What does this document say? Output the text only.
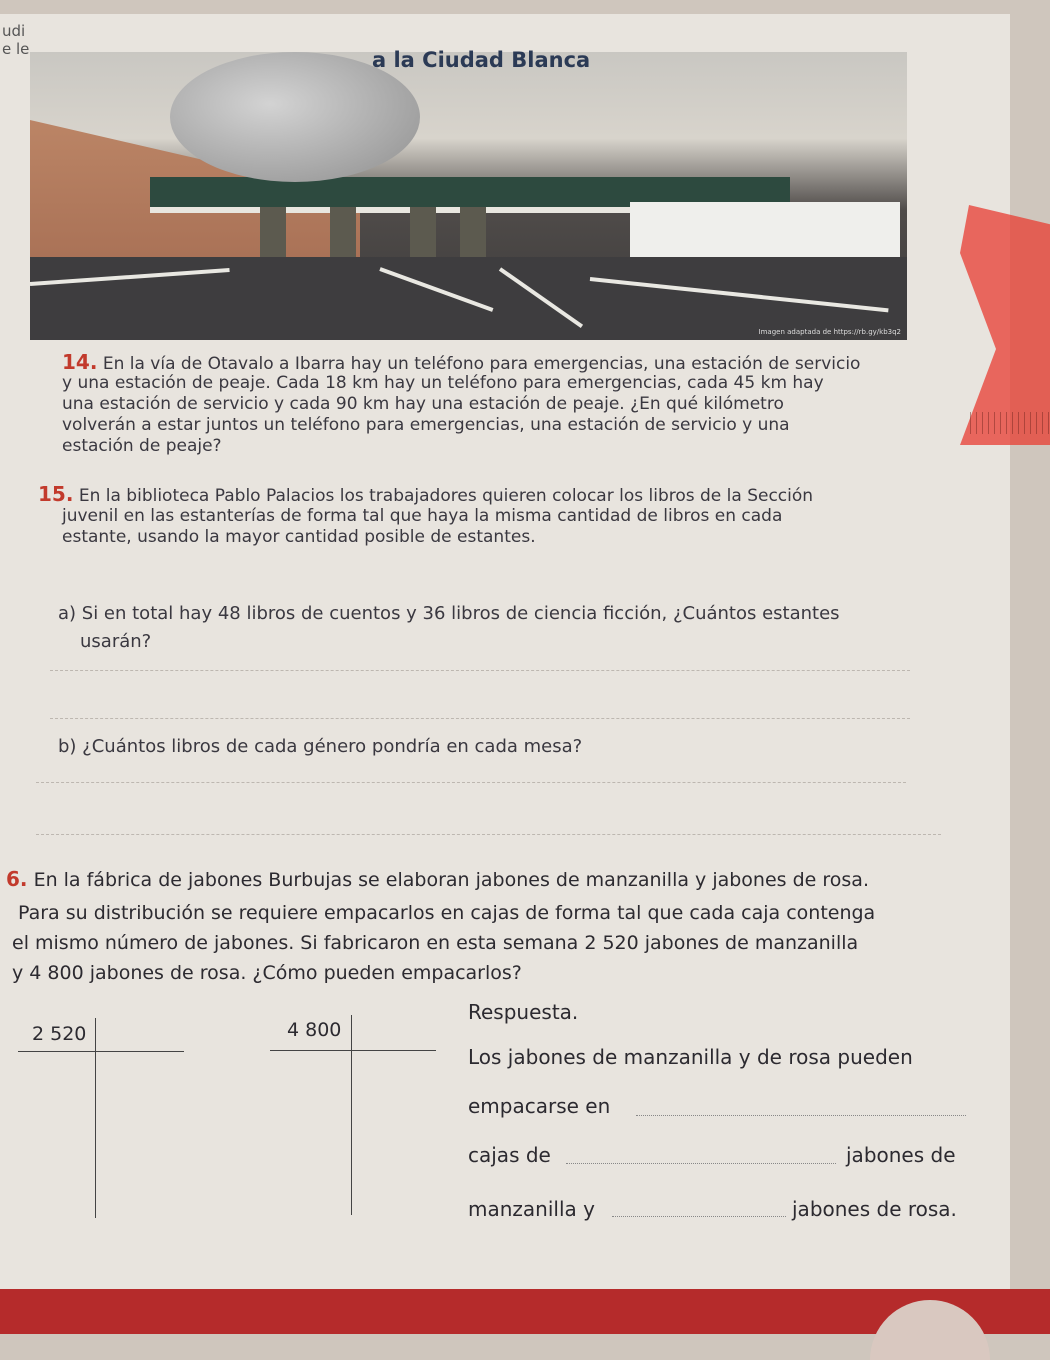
udi
e le
Imagen adaptada de https://rb.gy/kb3q2
a la Ciudad Blanca
14. En la vía de Otavalo a Ibarra hay un teléfono para emergencias, una estación de servicio
y una estación de peaje. Cada 18 km hay un teléfono para emergencias, cada 45 km hay
una estación de servicio y cada 90 km hay una estación de peaje. ¿En qué kilómetro
volverán a estar juntos un teléfono para emergencias, una estación de servicio y una
estación de peaje?
15. En la biblioteca Pablo Palacios los trabajadores quieren colocar los libros de la Sección
juvenil en las estanterías de forma tal que haya la misma cantidad de libros en cada
estante, usando la mayor cantidad posible de estantes.
a) Si en total hay 48 libros de cuentos y 36 libros de ciencia ficción, ¿Cuántos estantes
usarán?
b) ¿Cuántos libros de cada género pondría en cada mesa?
6. En la fábrica de jabones Burbujas se elaboran jabones de manzanilla y jabones de rosa.
Para su distribución se requiere empacarlos en cajas de forma tal que cada caja contenga
el mismo número de jabones. Si fabricaron en esta semana 2 520 jabones de manzanilla
y 4 800 jabones de rosa. ¿Cómo pueden empacarlos?
2 520	4 800
Respuesta.
Los jabones de manzanilla y de rosa pueden
empacarse en
cajas de	jabones de
manzanilla y	jabones de rosa.
